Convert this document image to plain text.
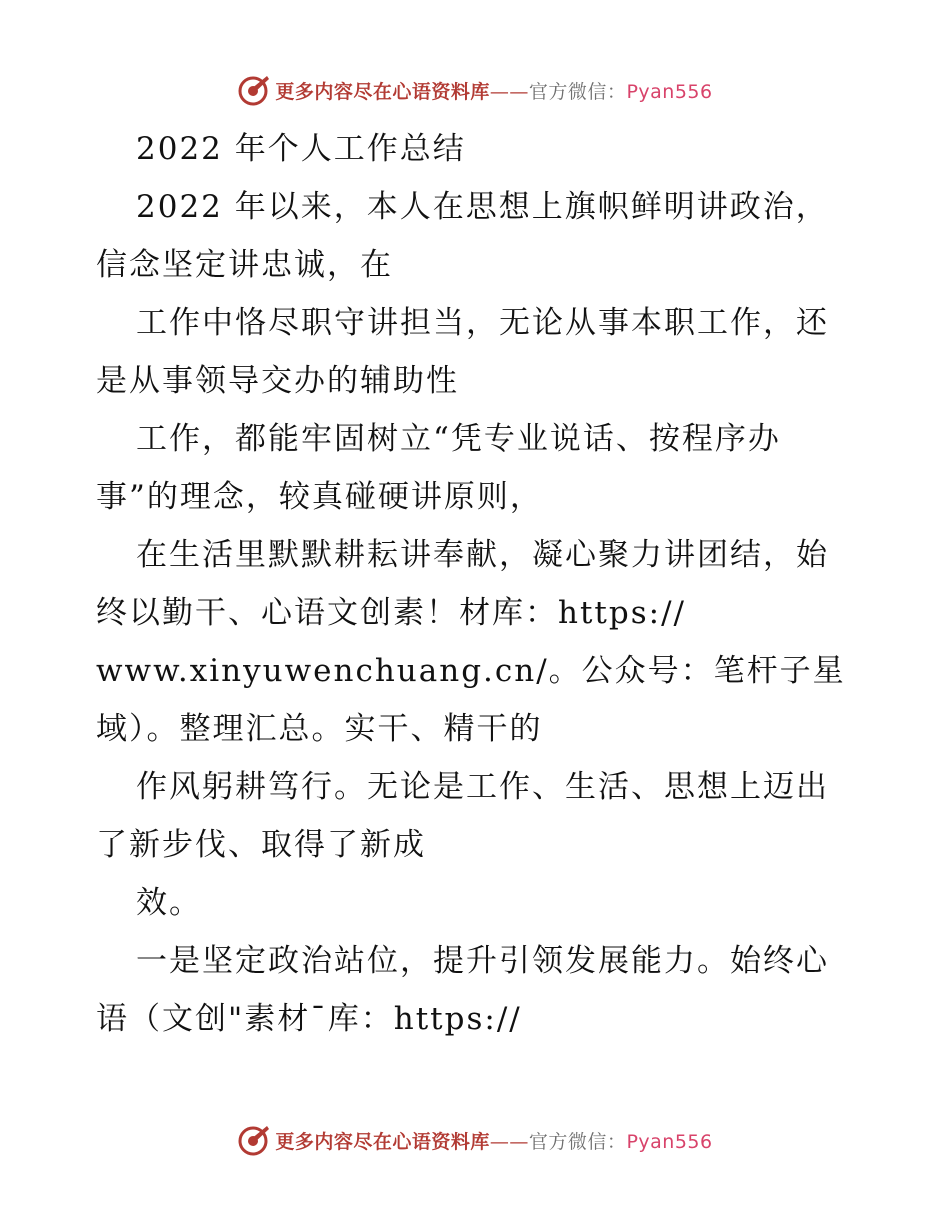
更多内容尽在心语资料库——官方微信：Pyan556
2022 年个人工作总结
2022 年以来，本人在思想上旗帜鲜明讲政治，
信念坚定讲忠诚，在
工作中恪尽职守讲担当，无论从事本职工作，还
是从事领导交办的辅助性
工作，都能牢固树立“凭专业说话、按程序办
事”的理念，较真碰硬讲原则，
在生活里默默耕耘讲奉献，凝心聚力讲团结，始
终以勤干、心语文创素！材库：https://
www.xinyuwenchuang.cn/。公众号：笔杆子星
域）。整理汇总。实干、精干的
作风躬耕笃行。无论是工作、生活、思想上迈出
了新步伐、取得了新成
效。
一是坚定政治站位，提升引领发展能力。始终心
语（文创"素材¯库：https://
更多内容尽在心语资料库——官方微信：Pyan556
